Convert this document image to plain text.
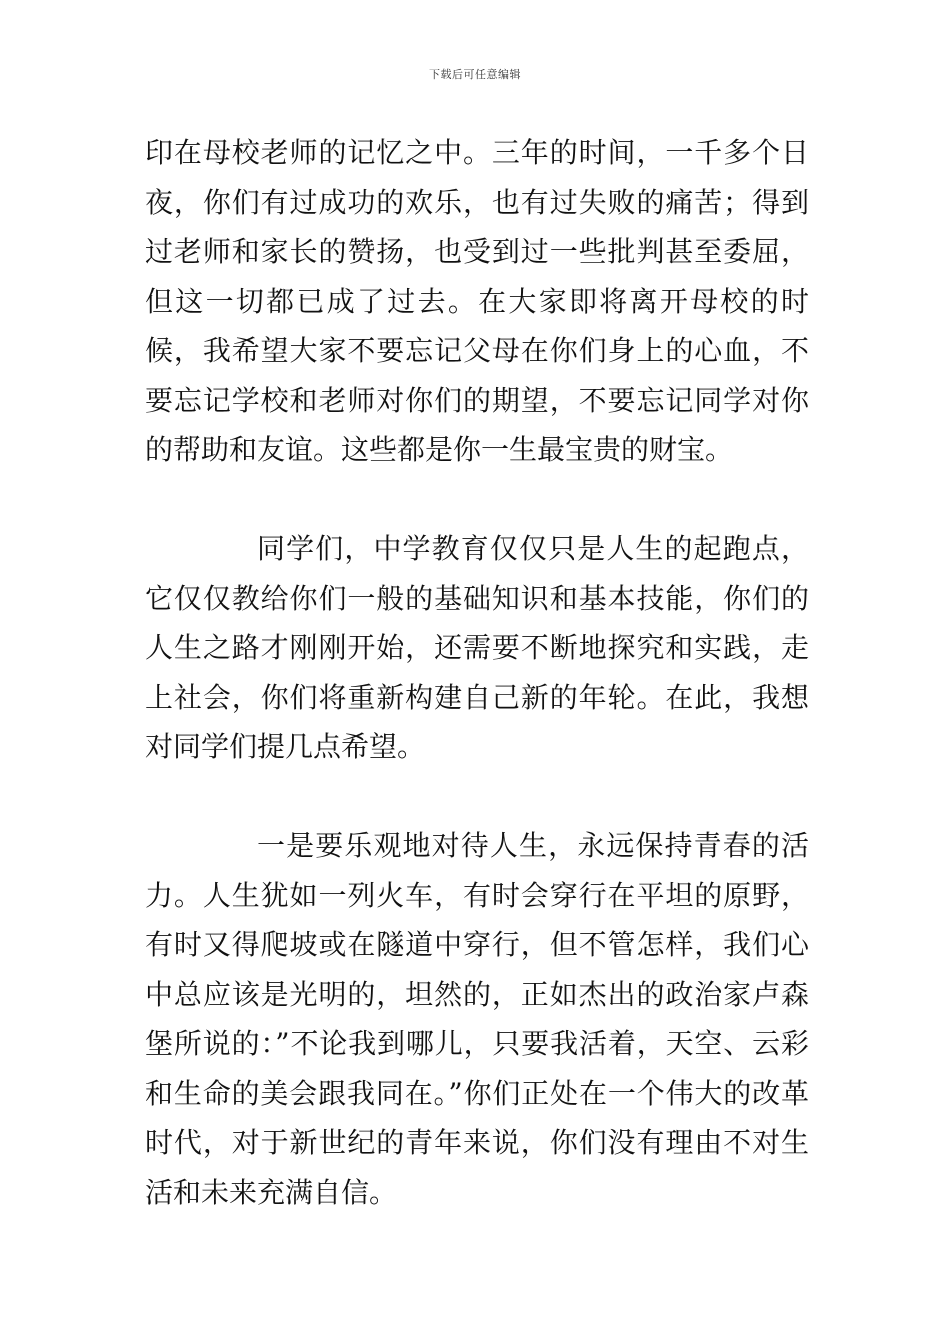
下载后可任意编辑

印在母校老师的记忆之中。三年的时间，一千多个日夜，你们有过成功的欢乐，也有过失败的痛苦；得到过老师和家长的赞扬，也受到过一些批判甚至委屈，但这一切都已成了过去。在大家即将离开母校的时候，我希望大家不要忘记父母在你们身上的心血，不要忘记学校和老师对你们的期望，不要忘记同学对你的帮助和友谊。这些都是你一生最宝贵的财宝。

同学们，中学教育仅仅只是人生的起跑点，它仅仅教给你们一般的基础知识和基本技能，你们的人生之路才刚刚开始，还需要不断地探究和实践，走上社会，你们将重新构建自己新的年轮。在此，我想对同学们提几点希望。

一是要乐观地对待人生，永远保持青春的活力。人生犹如一列火车，有时会穿行在平坦的原野，有时又得爬坡或在隧道中穿行，但不管怎样，我们心中总应该是光明的，坦然的，正如杰出的政治家卢森堡所说的：”不论我到哪儿，只要我活着，天空、云彩和生命的美会跟我同在。”你们正处在一个伟大的改革时代，对于新世纪的青年来说，你们没有理由不对生活和未来充满自信。
